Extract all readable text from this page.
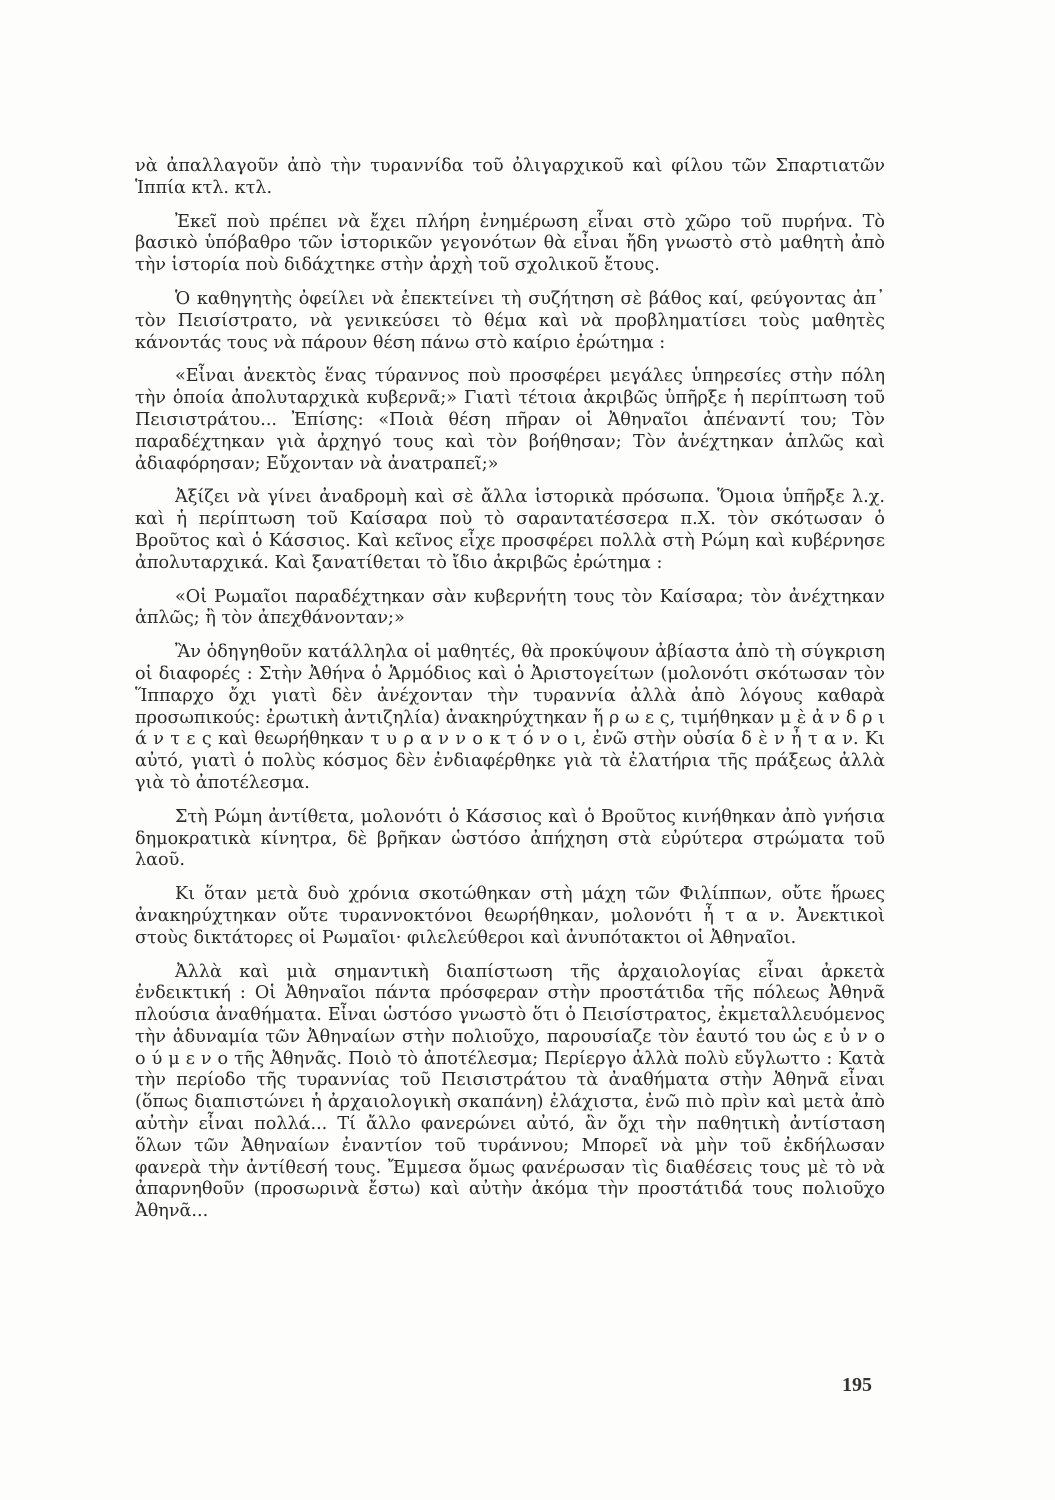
νὰ ἀπαλλαγοῦν ἀπὸ τὴν τυραννίδα τοῦ ὀλιγαρχικοῦ καὶ φίλου τῶν Σπαρτιατῶν Ἱππία κτλ. κτλ.

Ἐκεῖ ποὺ πρέπει νὰ ἔχει πλήρη ἐνημέρωση εἶναι στὸ χῶρο τοῦ πυρήνα. Τὸ βασικὸ ὑπόβαθρο τῶν ἱστορικῶν γεγονότων θὰ εἶναι ἤδη γνωστὸ στὸ μαθητὴ ἀπὸ τὴν ἱστορία ποὺ διδάχτηκε στὴν ἀρχὴ τοῦ σχολικοῦ ἔτους.

Ὁ καθηγητὴς ὀφείλει νὰ ἐπεκτείνει τὴ συζήτηση σὲ βάθος καί, φεύγοντας ἀπ᾽ τὸν Πεισίστρατο, νὰ γενικεύσει τὸ θέμα καὶ νὰ προβληματίσει τοὺς μαθητὲς κάνοντάς τους νὰ πάρουν θέση πάνω στὸ καίριο ἐρώτημα :

«Εἶναι ἀνεκτὸς ἕνας τύραννος ποὺ προσφέρει μεγάλες ὑπηρεσίες στὴν πόλη τὴν ὁποία ἀπολυταρχικὰ κυβερνᾶ;» Γιατὶ τέτοια ἀκριβῶς ὑπῆρξε ἡ περίπτωση τοῦ Πεισιστράτου... Ἐπίσης: «Ποιὰ θέση πῆραν οἱ Ἀθηναῖοι ἀπέναντί του; Τὸν παραδέχτηκαν γιὰ ἀρχηγό τους καὶ τὸν βοήθησαν; Τὸν ἀνέχτηκαν ἁπλῶς καὶ ἀδιαφόρησαν; Εὔχονταν νὰ ἀνατραπεῖ;»

Ἀξίζει νὰ γίνει ἀναδρομὴ καὶ σὲ ἄλλα ἱστορικὰ πρόσωπα. Ὅμοια ὑπῆρξε λ.χ. καὶ ἡ περίπτωση τοῦ Καίσαρα ποὺ τὸ σαραντατέσσερα π.Χ. τὸν σκότωσαν ὁ Βροῦτος καὶ ὁ Κάσσιος. Καὶ κεῖνος εἶχε προσφέρει πολλὰ στὴ Ρώμη καὶ κυβέρνησε ἀπολυταρχικά. Καὶ ξανατίθεται τὸ ἴδιο ἀκριβῶς ἐρώτημα :

«Οἱ Ρωμαῖοι παραδέχτηκαν σὰν κυβερνήτη τους τὸν Καίσαρα; τὸν ἀνέχτηκαν ἁπλῶς; ἢ τὸν ἀπεχθάνονταν;»

Ἂν ὁδηγηθοῦν κατάλληλα οἱ μαθητές, θὰ προκύψουν ἀβίαστα ἀπὸ τὴ σύγκριση οἱ διαφορές : Στὴν Ἀθήνα ὁ Ἁρμόδιος καὶ ὁ Ἀριστογείτων (μολονότι σκότωσαν τὸν Ἵππαρχο ὄχι γιατὶ δὲν ἀνέχονταν τὴν τυραννία ἀλλὰ ἀπὸ λόγους καθαρὰ προσωπικούς: ἐρωτικὴ ἀντιζηλία) ἀνακηρύχτηκαν ἥ ρ ω ε ς, τιμήθηκαν μ ὲ ἀ ν δ ρ ι ά ν τ ε ς καὶ θεωρήθηκαν τ υ ρ α ν ν ο κ τ ό ν ο ι, ἐνῶ στὴν οὐσία δ ὲ ν ἦ τ α ν. Κι αὐτό, γιατὶ ὁ πολὺς κόσμος δὲν ἐνδιαφέρθηκε γιὰ τὰ ἐλατήρια τῆς πράξεως ἀλλὰ γιὰ τὸ ἀποτέλεσμα.

Στὴ Ρώμη ἀντίθετα, μολονότι ὁ Κάσσιος καὶ ὁ Βροῦτος κινήθηκαν ἀπὸ γνήσια δημοκρατικὰ κίνητρα, δὲ βρῆκαν ὡστόσο ἀπήχηση στὰ εὐρύτερα στρώματα τοῦ λαοῦ.

Κι ὅταν μετὰ δυὸ χρόνια σκοτώθηκαν στὴ μάχη τῶν Φιλίππων, οὔτε ἥρωες ἀνακηρύχτηκαν οὔτε τυραννοκτόνοι θεωρήθηκαν, μολονότι ἦ τ α ν. Ἀνεκτικοὶ στοὺς δικτάτορες οἱ Ρωμαῖοι· φιλελεύθεροι καὶ ἀνυπότακτοι οἱ Ἀθηναῖοι.

Ἀλλὰ καὶ μιὰ σημαντικὴ διαπίστωση τῆς ἀρχαιολογίας εἶναι ἀρκετὰ ἐνδεικτική : Οἱ Ἀθηναῖοι πάντα πρόσφεραν στὴν προστάτιδα τῆς πόλεως Ἀθηνᾶ πλούσια ἀναθήματα. Εἶναι ὡστόσο γνωστὸ ὅτι ὁ Πεισίστρατος, ἐκμεταλλευόμενος τὴν ἀδυναμία τῶν Ἀθηναίων στὴν πολιοῦχο, παρουσίαζε τὸν ἑαυτό του ὡς ε ὐ ν ο ο ύ μ ε ν ο τῆς Ἀθηνᾶς. Ποιὸ τὸ ἀποτέλεσμα; Περίεργο ἀλλὰ πολὺ εὔγλωττο : Κατὰ τὴν περίοδο τῆς τυραννίας τοῦ Πεισιστράτου τὰ ἀναθήματα στὴν Ἀθηνᾶ εἶναι (ὅπως διαπιστώνει ἡ ἀρχαιολογικὴ σκαπάνη) ἐλάχιστα, ἐνῶ πιὸ πρὶν καὶ μετὰ ἀπὸ αὐτὴν εἶναι πολλά... Τί ἄλλο φανερώνει αὐτό, ἂν ὄχι τὴν παθητικὴ ἀντίσταση ὅλων τῶν Ἀθηναίων ἐναντίον τοῦ τυράννου; Μπορεῖ νὰ μὴν τοῦ ἐκδήλωσαν φανερὰ τὴν ἀντίθεσή τους. Ἔμμεσα ὅμως φανέρωσαν τὶς διαθέσεις τους μὲ τὸ νὰ ἀπαρνηθοῦν (προσωρινὰ ἔστω) καὶ αὐτὴν ἀκόμα τὴν προστάτιδά τους πολιοῦχο Ἀθηνᾶ...

195
